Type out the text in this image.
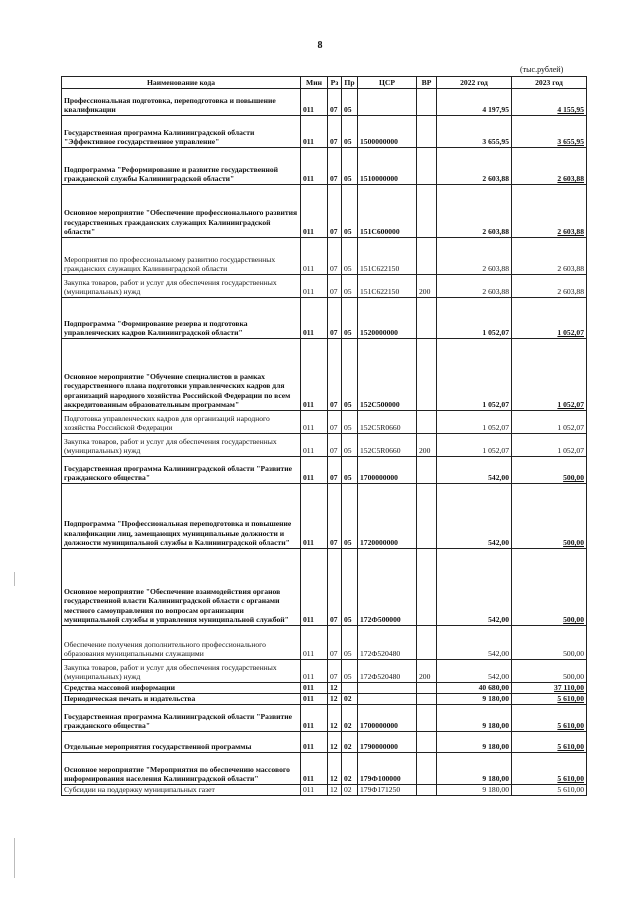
8
(тыс.рублей)
Наименование кода	Мин	Рз	Пр	ЦСР	ВР	2022 год	2023 год
Профессиональная подготовка, переподготовка и повышение квалификации	011	07	05			4 197,95	4 155,95
Государственная программа Калининградской области "Эффективное государственное управление"	011	07	05	1500000000		3 655,95	3 655,95
Подпрограмма "Реформирование и развитие государственной гражданской службы Калининградской области"	011	07	05	1510000000		2 603,88	2 603,88
Основное мероприятие "Обеспечение профессионального развития государственных гражданских служащих Калининградской области"	011	07	05	151С600000		2 603,88	2 603,88
Мероприятия по профессиональному развитию государственных гражданских служащих Калининградской области	011	07	05	151С622150		2 603,88	2 603,88
Закупка товаров, работ и услуг для обеспечения государственных (муниципальных) нужд	011	07	05	151С622150	200	2 603,88	2 603,88
Подпрограмма "Формирование резерва и подготовка управленческих кадров Калининградской области"	011	07	05	1520000000		1 052,07	1 052,07
Основное мероприятие "Обучение специалистов в рамках государственного плана подготовки управленческих кадров для организаций народного хозяйства Российской Федерации по всем аккредитованным образовательным программам"	011	07	05	152С500000		1 052,07	1 052,07
Подготовка управленческих кадров для организаций народного хозяйства Российской Федерации	011	07	05	152С5R0660		1 052,07	1 052,07
Закупка товаров, работ и услуг для обеспечения государственных (муниципальных) нужд	011	07	05	152С5R0660	200	1 052,07	1 052,07
Государственная программа Калининградской области "Развитие гражданского общества"	011	07	05	1700000000		542,00	500,00
Подпрограмма "Профессиональная переподготовка и повышение квалификации лиц, замещающих муниципальные должности и должности муниципальной службы в Калининградской области"	011	07	05	1720000000		542,00	500,00
Основное мероприятие "Обеспечение взаимодействия органов государственной власти Калининградской области с органами местного самоуправления по вопросам организации муниципальной службы и управления муниципальной службой"	011	07	05	172Ф500000		542,00	500,00
Обеспечение получения дополнительного профессионального образования муниципальными служащими	011	07	05	172Ф520480		542,00	500,00
Закупка товаров, работ и услуг для обеспечения государственных (муниципальных) нужд	011	07	05	172Ф520480	200	542,00	500,00
Средства массовой информации	011	12				40 680,00	37 110,00
Периодическая печать и издательства	011	12	02			9 180,00	5 610,00
Государственная программа Калининградской области "Развитие гражданского общества"	011	12	02	1700000000		9 180,00	5 610,00
Отдельные мероприятия государственной программы	011	12	02	1790000000		9 180,00	5 610,00
Основное мероприятие "Мероприятия по обеспечению массового информирования населения Калининградской области"	011	12	02	179Ф100000		9 180,00	5 610,00
Субсидии на поддержку муниципальных газет	011	12	02	179Ф171250		9 180,00	5 610,00
